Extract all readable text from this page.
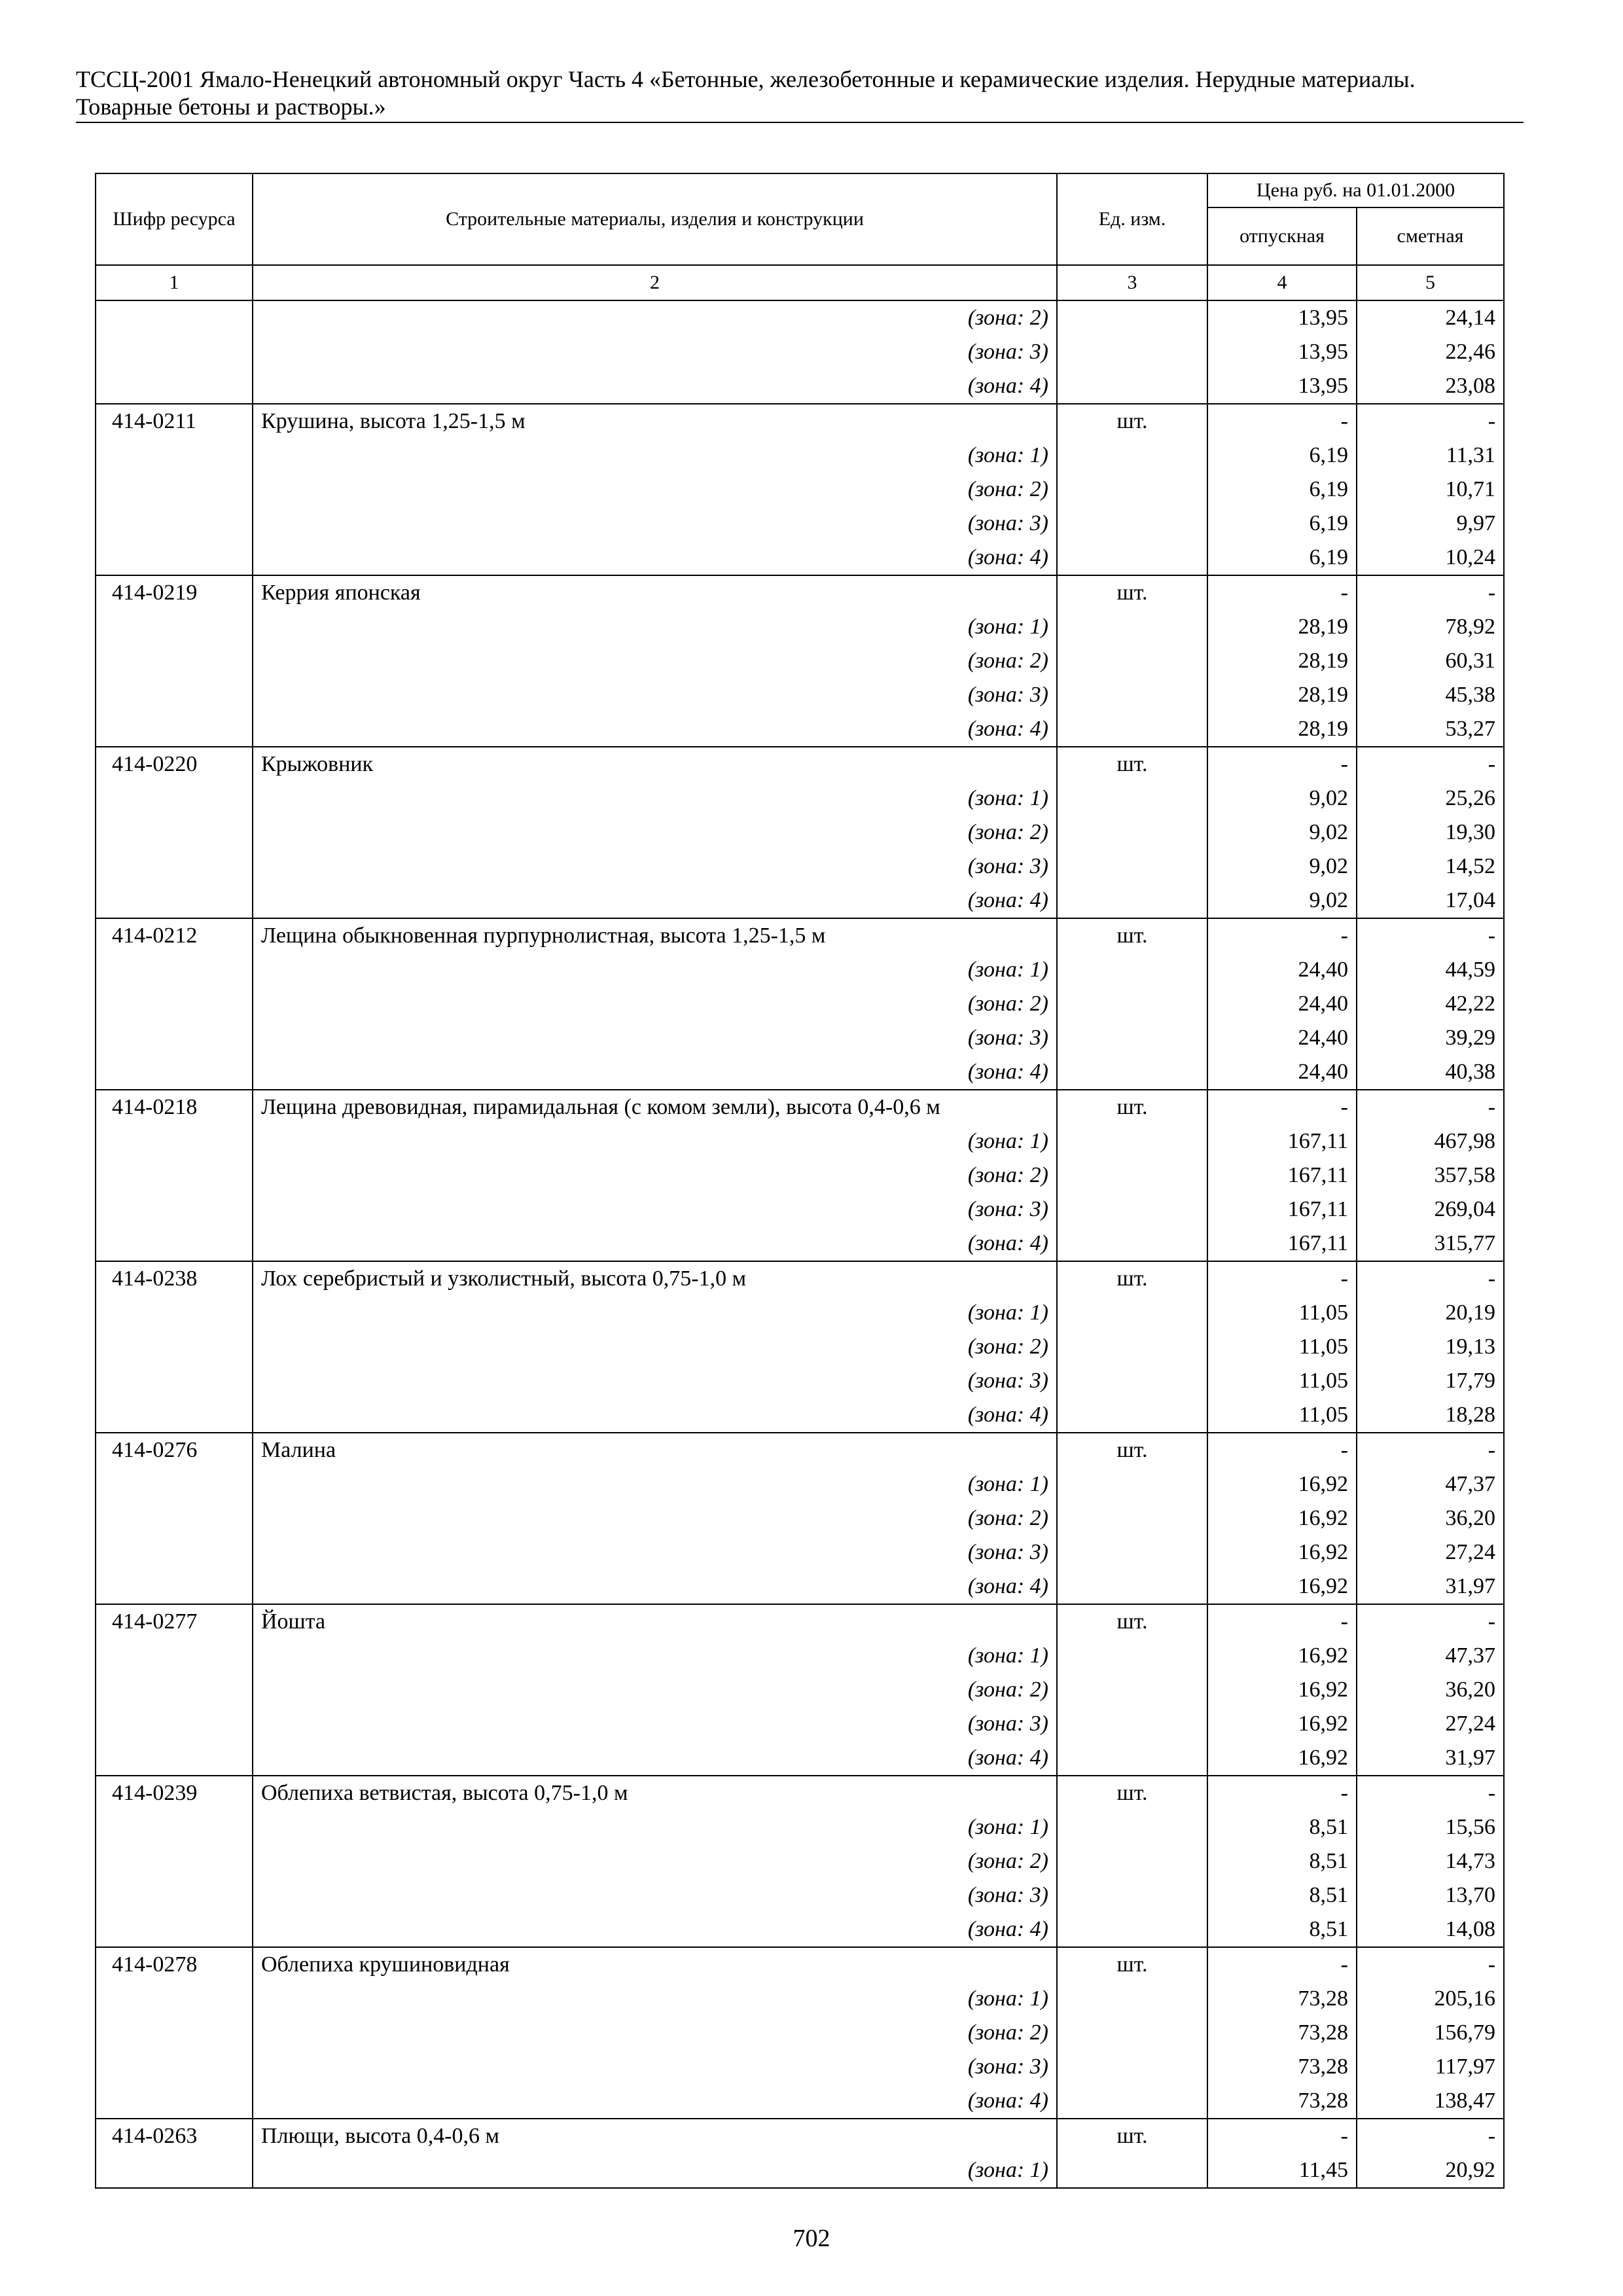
ТССЦ-2001 Ямало-Ненецкий автономный округ Часть 4 «Бетонные, железобетонные и керамические изделия. Нерудные материалы.
Товарные бетоны и растворы.»
Шифр ресурса	Строительные материалы, изделия и конструкции	Ед. изм.	Цена руб. на 01.01.2000	
			отпускная	сметная
1	2	3	4	5
	(зона: 2)		13,95	24,14
	(зона: 3)		13,95	22,46
	(зона: 4)		13,95	23,08
414-0211	Крушина, высота 1,25-1,5 м	шт.	-	-
	(зона: 1)		6,19	11,31
	(зона: 2)		6,19	10,71
	(зона: 3)		6,19	9,97
	(зона: 4)		6,19	10,24
414-0219	Керрия японская	шт.	-	-
	(зона: 1)		28,19	78,92
	(зона: 2)		28,19	60,31
	(зона: 3)		28,19	45,38
	(зона: 4)		28,19	53,27
414-0220	Крыжовник	шт.	-	-
	(зона: 1)		9,02	25,26
	(зона: 2)		9,02	19,30
	(зона: 3)		9,02	14,52
	(зона: 4)		9,02	17,04
414-0212	Лещина обыкновенная пурпурнолистная, высота 1,25-1,5 м	шт.	-	-
	(зона: 1)		24,40	44,59
	(зона: 2)		24,40	42,22
	(зона: 3)		24,40	39,29
	(зона: 4)		24,40	40,38
414-0218	Лещина древовидная, пирамидальная (с комом земли), высота 0,4-0,6 м	шт.	-	-
	(зона: 1)		167,11	467,98
	(зона: 2)		167,11	357,58
	(зона: 3)		167,11	269,04
	(зона: 4)		167,11	315,77
414-0238	Лох серебристый и узколистный, высота 0,75-1,0 м	шт.	-	-
	(зона: 1)		11,05	20,19
	(зона: 2)		11,05	19,13
	(зона: 3)		11,05	17,79
	(зона: 4)		11,05	18,28
414-0276	Малина	шт.	-	-
	(зона: 1)		16,92	47,37
	(зона: 2)		16,92	36,20
	(зона: 3)		16,92	27,24
	(зона: 4)		16,92	31,97
414-0277	Йошта	шт.	-	-
	(зона: 1)		16,92	47,37
	(зона: 2)		16,92	36,20
	(зона: 3)		16,92	27,24
	(зона: 4)		16,92	31,97
414-0239	Облепиха ветвистая, высота 0,75-1,0 м	шт.	-	-
	(зона: 1)		8,51	15,56
	(зона: 2)		8,51	14,73
	(зона: 3)		8,51	13,70
	(зона: 4)		8,51	14,08
414-0278	Облепиха крушиновидная	шт.	-	-
	(зона: 1)		73,28	205,16
	(зона: 2)		73,28	156,79
	(зона: 3)		73,28	117,97
	(зона: 4)		73,28	138,47
414-0263	Плющи, высота 0,4-0,6 м	шт.	-	-
	(зона: 1)		11,45	20,92
702
